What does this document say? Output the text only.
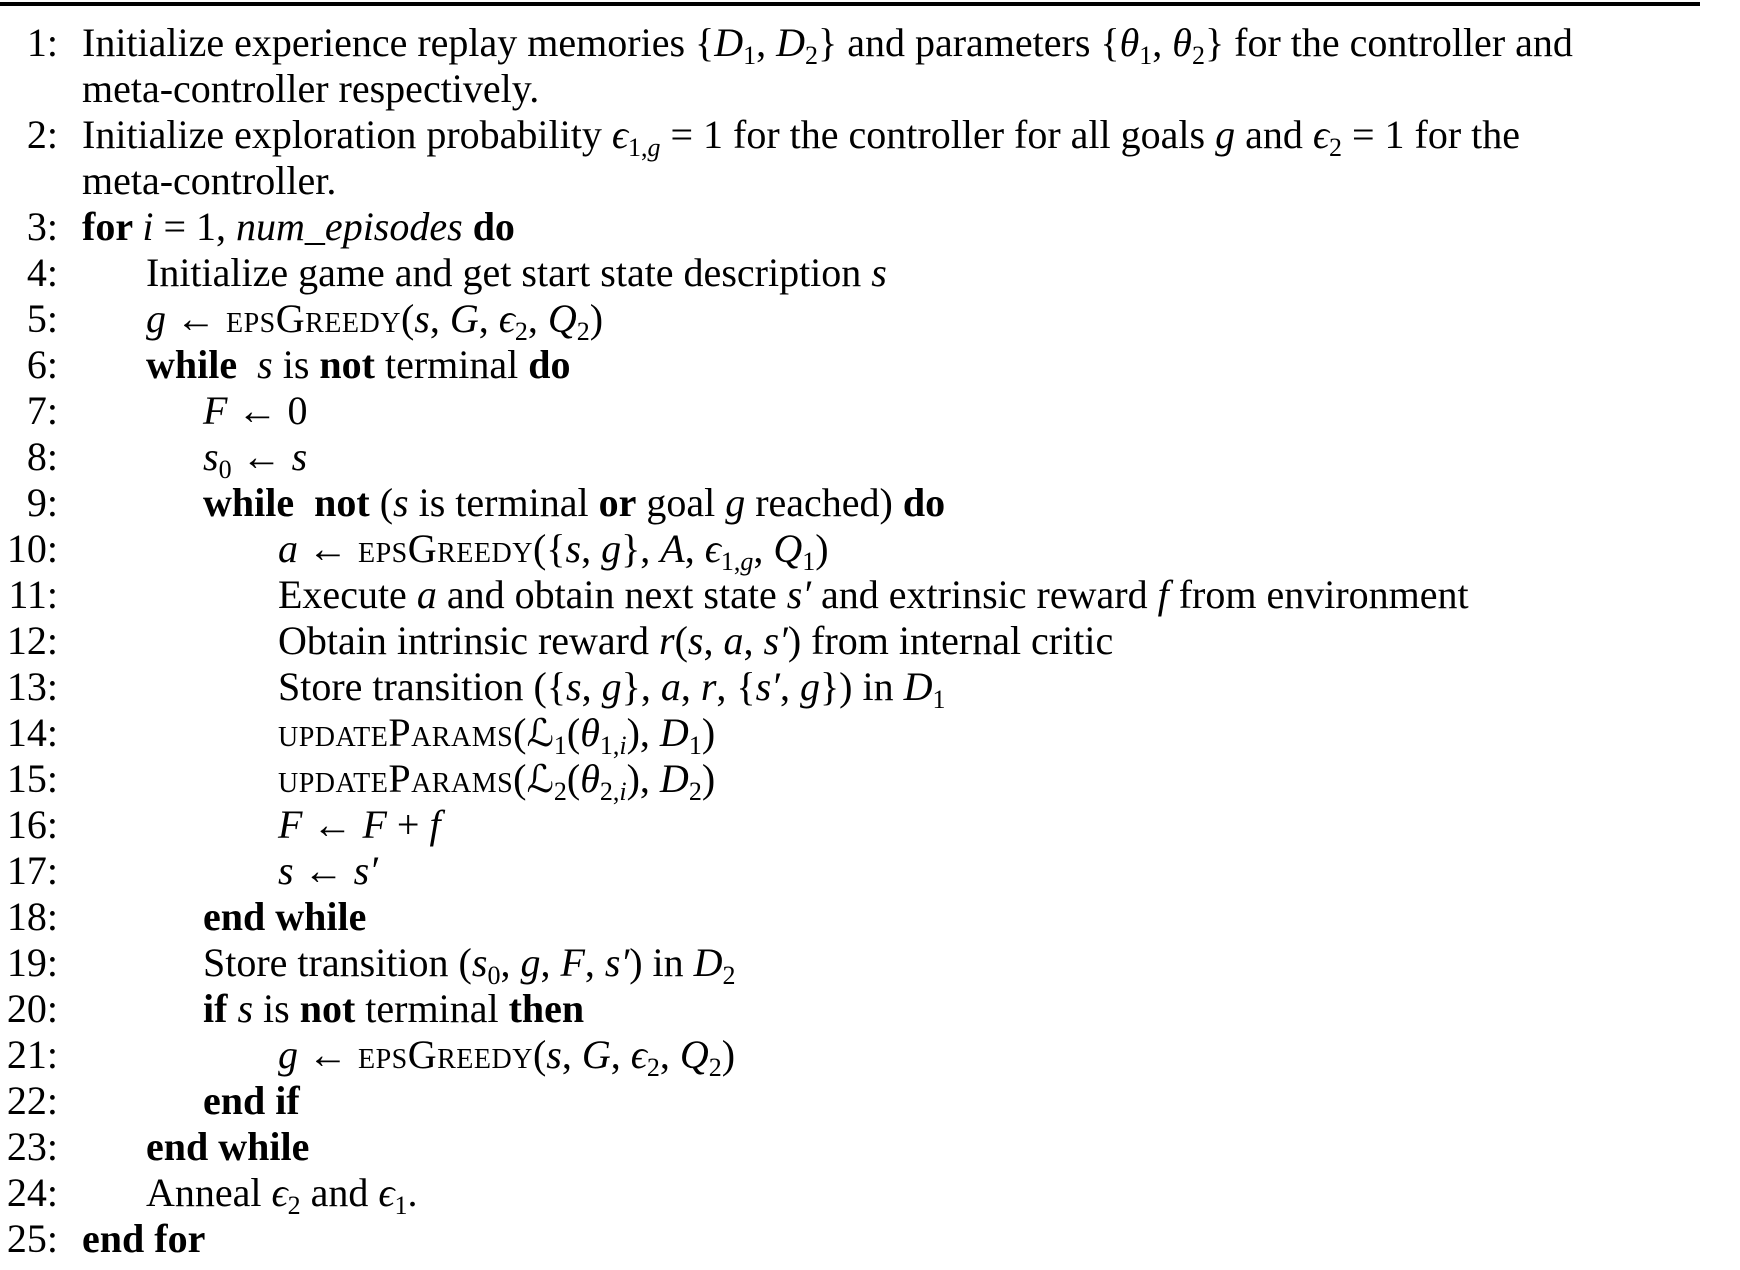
1: Initialize experience replay memories {$D_1$, $D_2$} and parameters {$\theta_1$, $\theta_2$} for the controller and
meta-controller respectively.
2: Initialize exploration probability $\epsilon_{1,g} = 1$ for the controller for all goals g and $\epsilon_2 = 1$ for the
meta-controller.
3: for i = 1, num_episodes do
4:	Initialize game and get start state description s
5:	g ← epsGreedy(s, G, $\epsilon_2$, $Q_2$)
6:	while  s is not terminal do
7:	F ← 0
8:	$s_0$ ← s
9:	while  not (s is terminal or goal g reached) do
10:	a ← epsGreedy({s, g}, A, $\epsilon_{1,g}$, $Q_1$)
11:	Execute a and obtain next state s′ and extrinsic reward f from environment
12:	Obtain intrinsic reward r(s, a, s′) from internal critic
13:	Store transition ({s, g}, a, r, {s′, g}) in $D_1$
14:	$updateParams(ℒ_1(\theta_{1,i})$, $D_1$)
15:	$updateParams(ℒ_2(\theta_{2,i})$, $D_2$)
16:	F ← F + f
17:	s ← s′
18:	end while
19:	Store transition ($s_0$, g, F, s′) in $D_2$
20:	if s is not terminal then
21:	g ← epsGreedy(s, G, $\epsilon_2$, $Q_2$)
22:	end if
23:	end while
24:	Anneal $\epsilon_2$ and $\epsilon_1$.
25: end for
